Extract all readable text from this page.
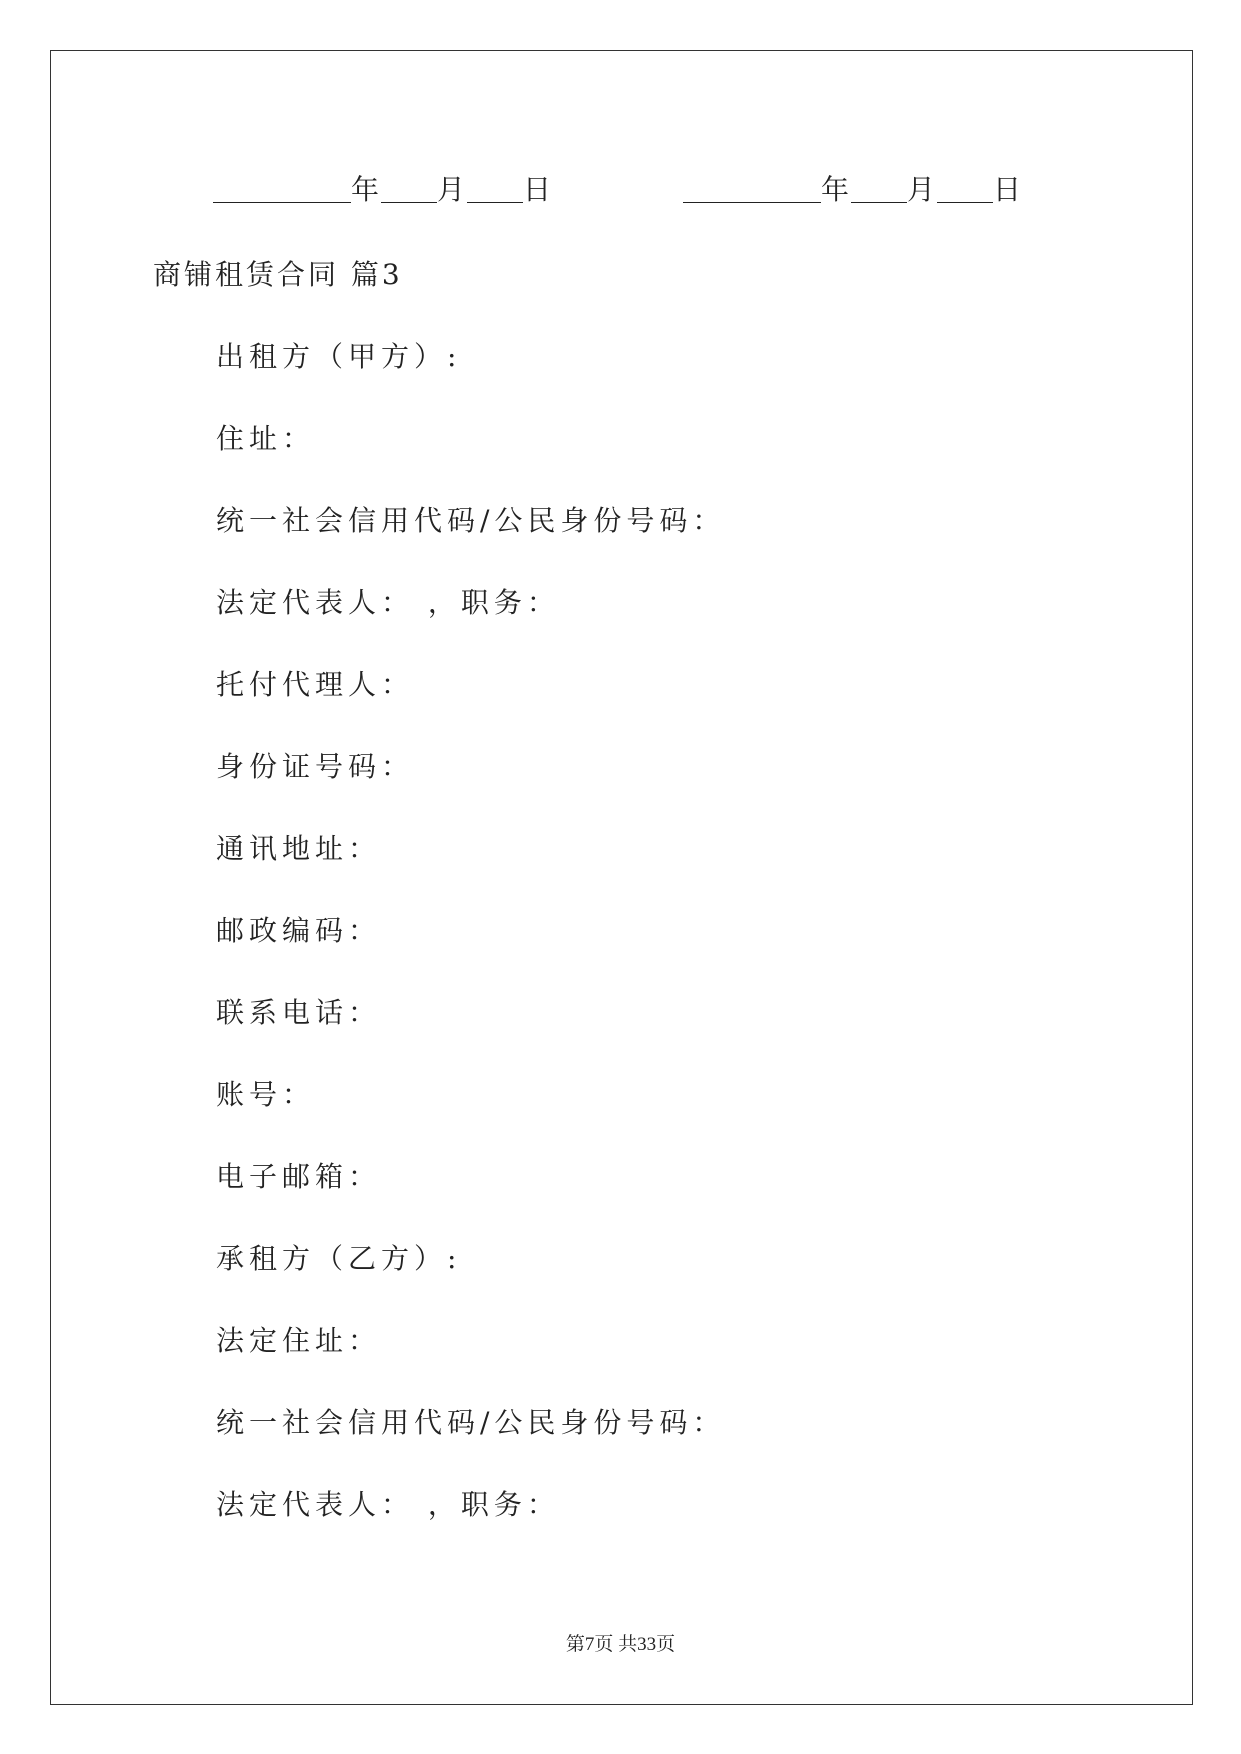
年 月 日	年 月 日
商铺租赁合同 篇3
出租方（甲方）:
住址：
统一社会信用代码/公民身份号码：
法定代表人： ，职务：
托付代理人：
身份证号码：
通讯地址：
邮政编码：
联系电话：
账号：
电子邮箱：
承租方（乙方）:
法定住址：
统一社会信用代码/公民身份号码：
法定代表人： ，职务：
第7页 共33页
